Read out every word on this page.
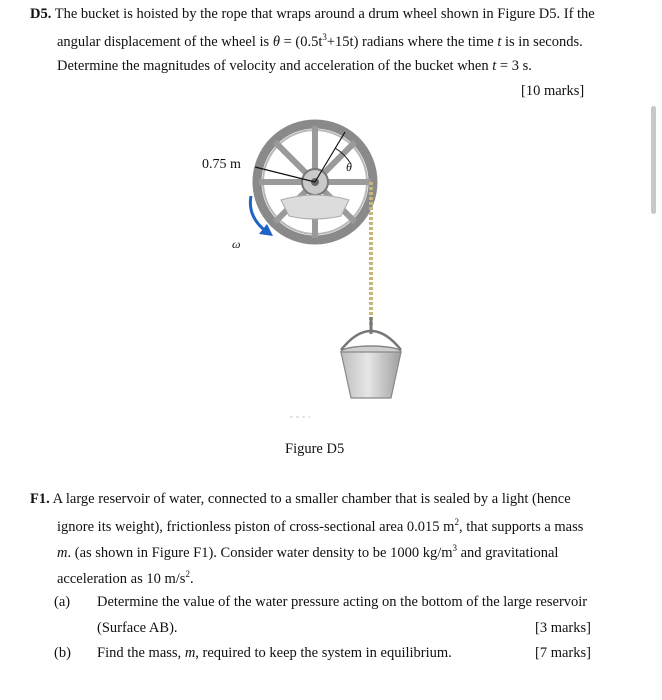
D5. The bucket is hoisted by the rope that wraps around a drum wheel shown in Figure D5. If the
angular displacement of the wheel is $\theta = (0.5t^3+15t)$ radians where the time t is in seconds.
Determine the magnitudes of velocity and acceleration of the bucket when t = 3 s.
[10 marks]
0.75 m	θ
ω
Figure D5
F1. A large reservoir of water, connected to a smaller chamber that is sealed by a light (hence
ignore its weight), frictionless piston of cross-sectional area 0.015 $m^2$, that supports a mass
m. (as shown in Figure F1). Consider water density to be 1000 $kg/m^3$ and gravitational
acceleration as 10 $m/s^2$.
(a) Determine the value of the water pressure acting on the bottom of the large reservoir
(Surface AB).	[3 marks]
(b) Find the mass, m, required to keep the system in equilibrium.	[7 marks]
